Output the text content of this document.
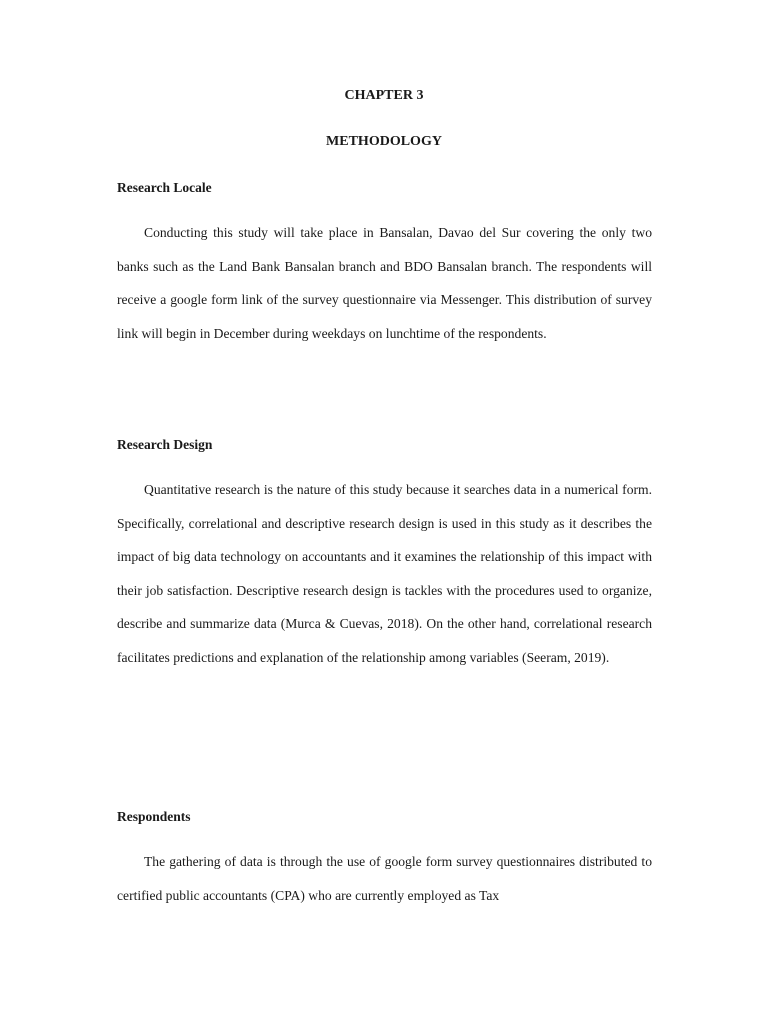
CHAPTER 3
METHODOLOGY
Research Locale

Conducting this study will take place in Bansalan, Davao del Sur covering the only two banks such as the Land Bank Bansalan branch and BDO Bansalan branch. The respondents will receive a google form link of the survey questionnaire via Messenger. This distribution of survey link will begin in December during weekdays on lunchtime of the respondents.

Research Design

Quantitative research is the nature of this study because it searches data in a numerical form. Specifically, correlational and descriptive research design is used in this study as it describes the impact of big data technology on accountants and it examines the relationship of this impact with their job satisfaction. Descriptive research design is tackles with the procedures used to organize, describe and summarize data (Murca & Cuevas, 2018). On the other hand, correlational research facilitates predictions and explanation of the relationship among variables (Seeram, 2019).

Respondents

The gathering of data is through the use of google form survey questionnaires distributed to certified public accountants (CPA) who are currently employed as Tax
